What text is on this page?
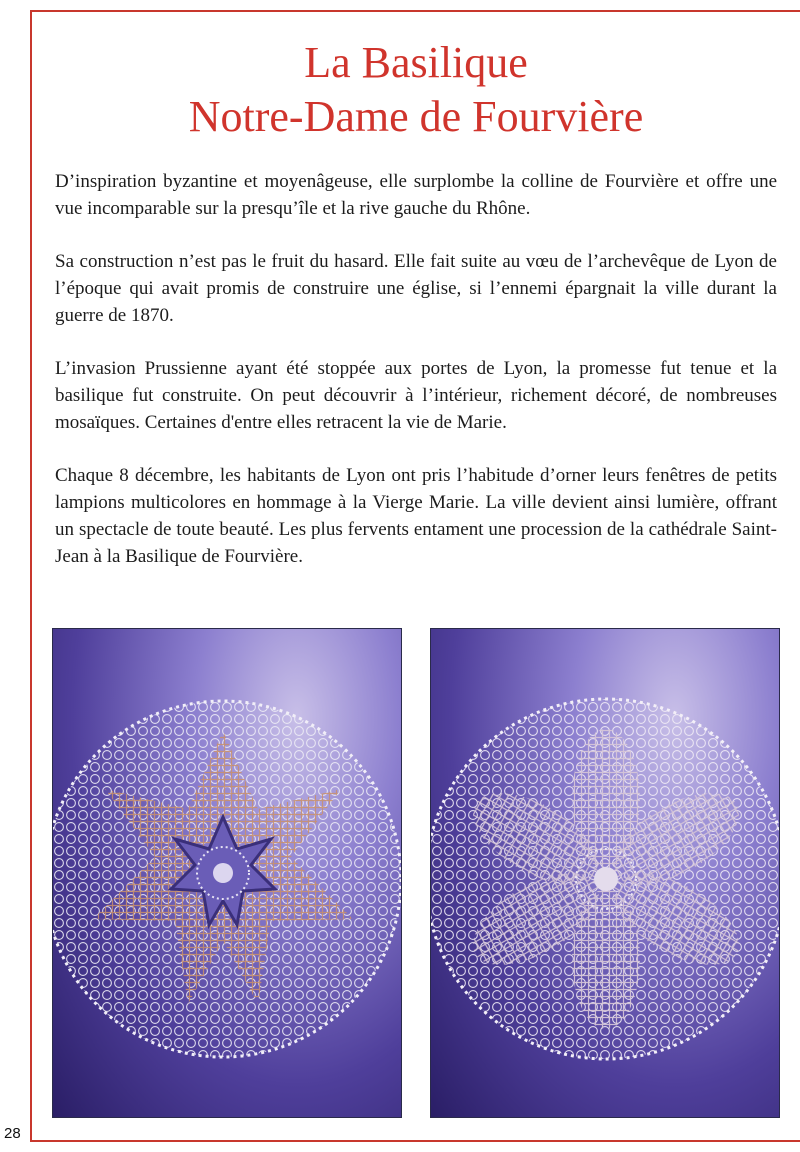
La Basilique
Notre-Dame de Fourvière

D’inspiration byzantine et moyenâgeuse, elle surplombe la colline de Fourvière et offre une vue incomparable sur la presqu’île et la rive gauche du Rhône.

Sa construction n’est pas le fruit du hasard. Elle fait suite au vœu de l’archevêque de Lyon de l’époque qui avait promis de construire une église, si l’ennemi épargnait la ville durant la guerre de 1870.

L’invasion Prussienne ayant été stoppée aux portes de Lyon, la promesse fut tenue et la basilique fut construite. On peut découvrir à l’intérieur, richement décoré, de nombreuses mosaïques. Certaines d'entre elles retracent la vie de Marie.

Chaque 8 décembre, les habitants de Lyon ont pris l’habitude d’orner leurs fenêtres de petits lampions multicolores en hommage à la Vierge Marie. La ville devient ainsi lumière, offrant un spectacle de toute beauté. Les plus fervents entament une procession de la cathédrale Saint-Jean à la Basilique de Fourvière.

28
